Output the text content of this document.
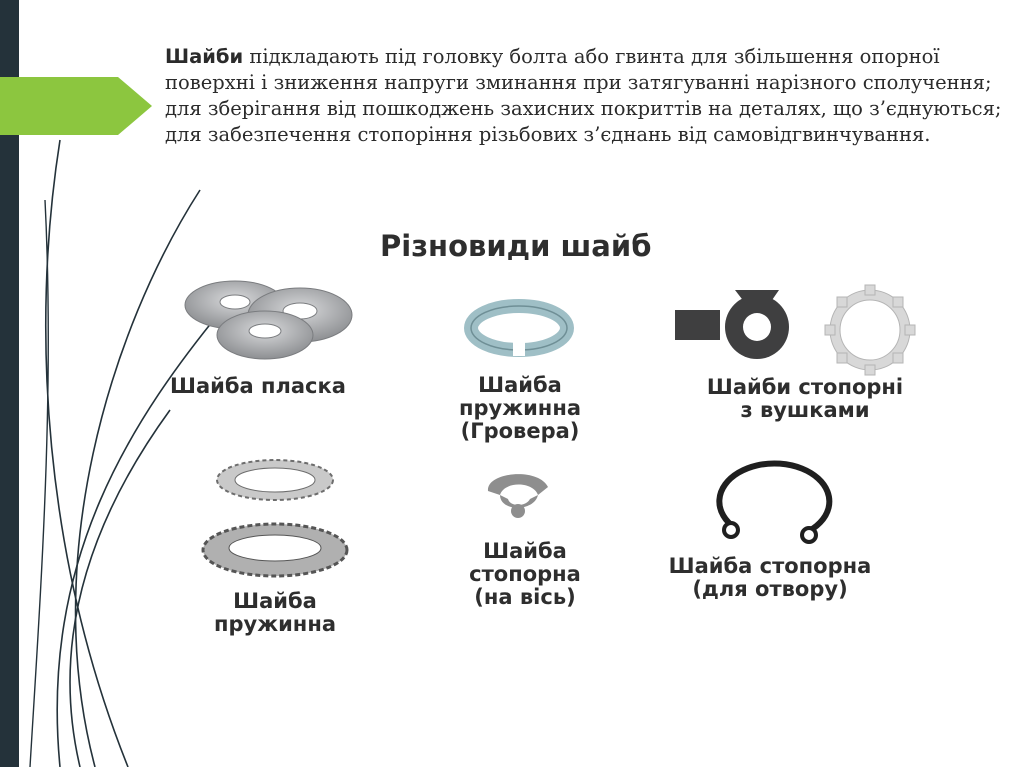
Шайби підкладають під головку болта або гвинта для збільшення опорної поверхні і зниження напруги зминання при затягуванні нарізного сполучення; для зберігання від пошкоджень захисних покриттів на деталях, що з’єднуються; для забезпечення стопоріння різьбових з’єднань від самовідгвинчування.
Різновиди шайб
Шайба пласка	Шайба
пружинна
(Гровера)
Шайби стопорні
з вушками
Шайба
пружинна
Шайба
стопорна
(на вісь)
Шайба стопорна
(для отвору)
